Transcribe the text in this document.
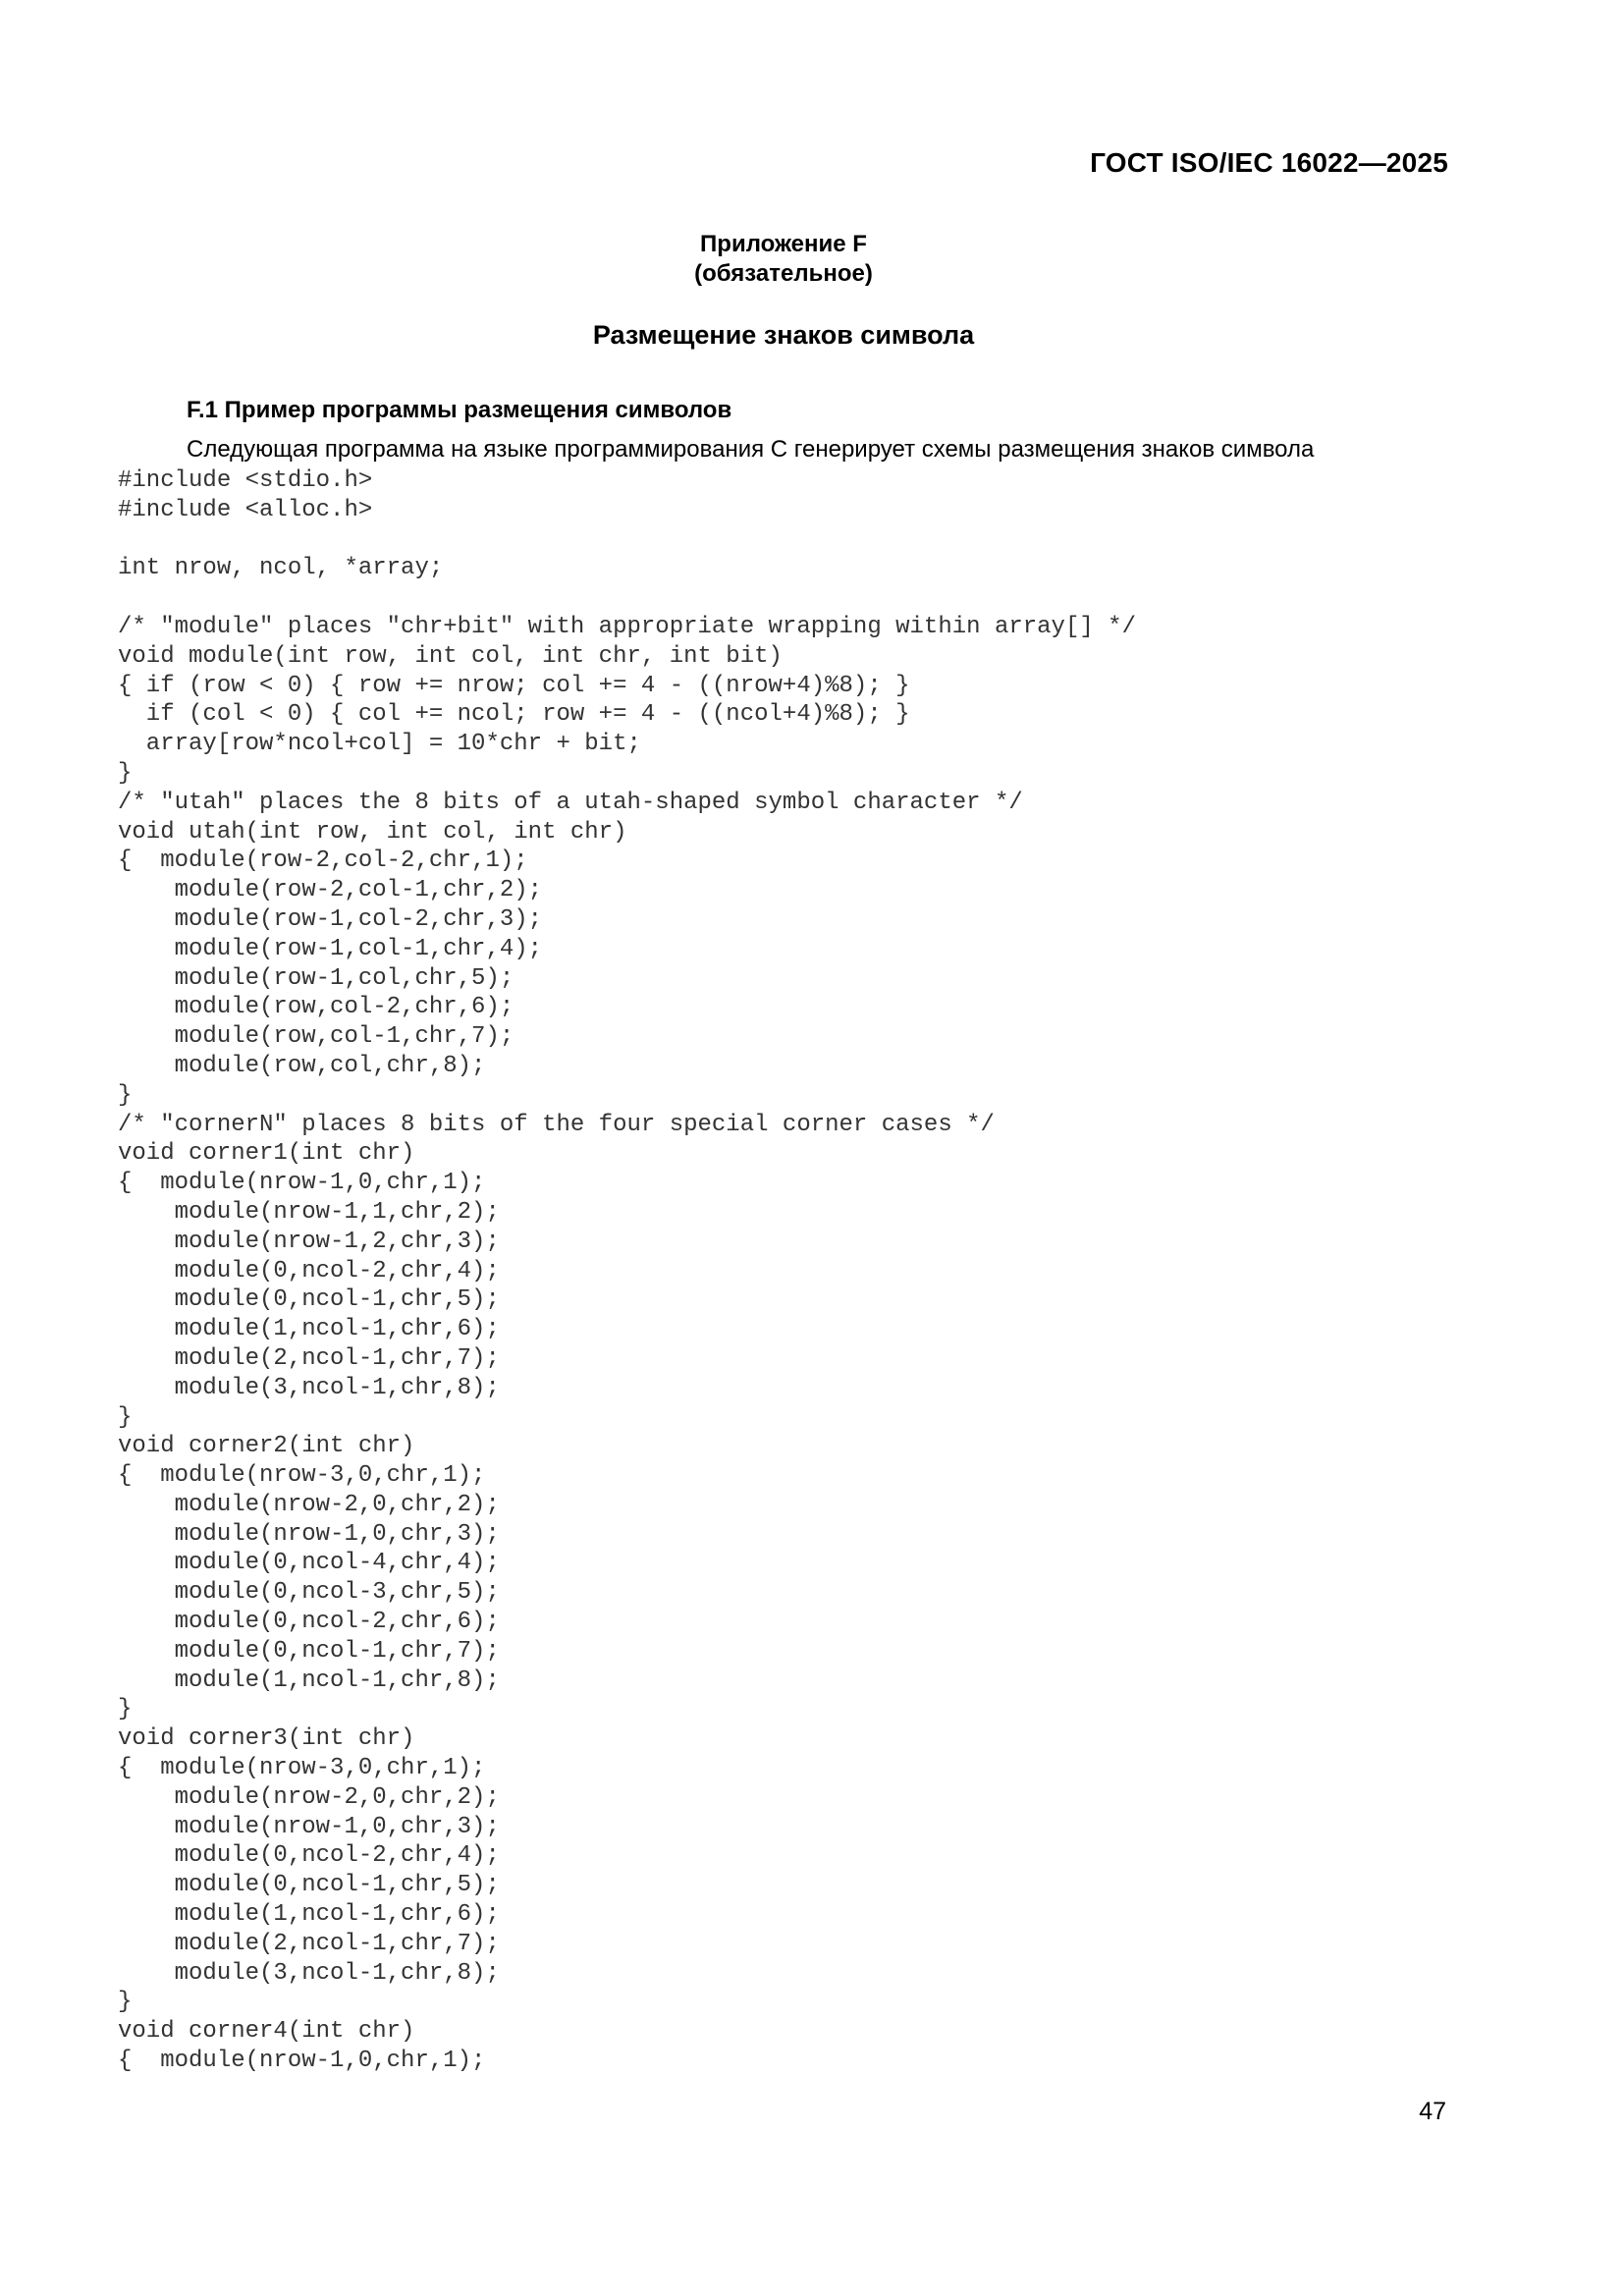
ГОСТ ISO/IEC 16022—2025
Приложение F
(обязательное)
Размещение знаков символа
F.1 Пример программы размещения символов
Следующая программа на языке программирования C генерирует схемы размещения знаков символа
#include <stdio.h>
#include <alloc.h>
int nrow, ncol, *array;
/* "module" places "chr+bit" with appropriate wrapping within array[] */
void module(int row, int col, int chr, int bit)
{ if (row < 0) { row += nrow; col += 4 - ((nrow+4)%8); }
if (col < 0) { col += ncol; row += 4 - ((ncol+4)%8); }
array[row*ncol+col] = 10*chr + bit;
}
/* "utah" places the 8 bits of a utah-shaped symbol character */
void utah(int row, int col, int chr)
{  module(row-2,col-2,chr,1);
module(row-2,col-1,chr,2);
module(row-1,col-2,chr,3);
module(row-1,col-1,chr,4);
module(row-1,col,chr,5);
module(row,col-2,chr,6);
module(row,col-1,chr,7);
module(row,col,chr,8);
}
/* "cornerN" places 8 bits of the four special corner cases */
void corner1(int chr)
{  module(nrow-1,0,chr,1);
module(nrow-1,1,chr,2);
module(nrow-1,2,chr,3);
module(0,ncol-2,chr,4);
module(0,ncol-1,chr,5);
module(1,ncol-1,chr,6);
module(2,ncol-1,chr,7);
module(3,ncol-1,chr,8);
}
void corner2(int chr)
{  module(nrow-3,0,chr,1);
module(nrow-2,0,chr,2);
module(nrow-1,0,chr,3);
module(0,ncol-4,chr,4);
module(0,ncol-3,chr,5);
module(0,ncol-2,chr,6);
module(0,ncol-1,chr,7);
module(1,ncol-1,chr,8);
}
void corner3(int chr)
{  module(nrow-3,0,chr,1);
module(nrow-2,0,chr,2);
module(nrow-1,0,chr,3);
module(0,ncol-2,chr,4);
module(0,ncol-1,chr,5);
module(1,ncol-1,chr,6);
module(2,ncol-1,chr,7);
module(3,ncol-1,chr,8);
}
void corner4(int chr)
{  module(nrow-1,0,chr,1);
47
